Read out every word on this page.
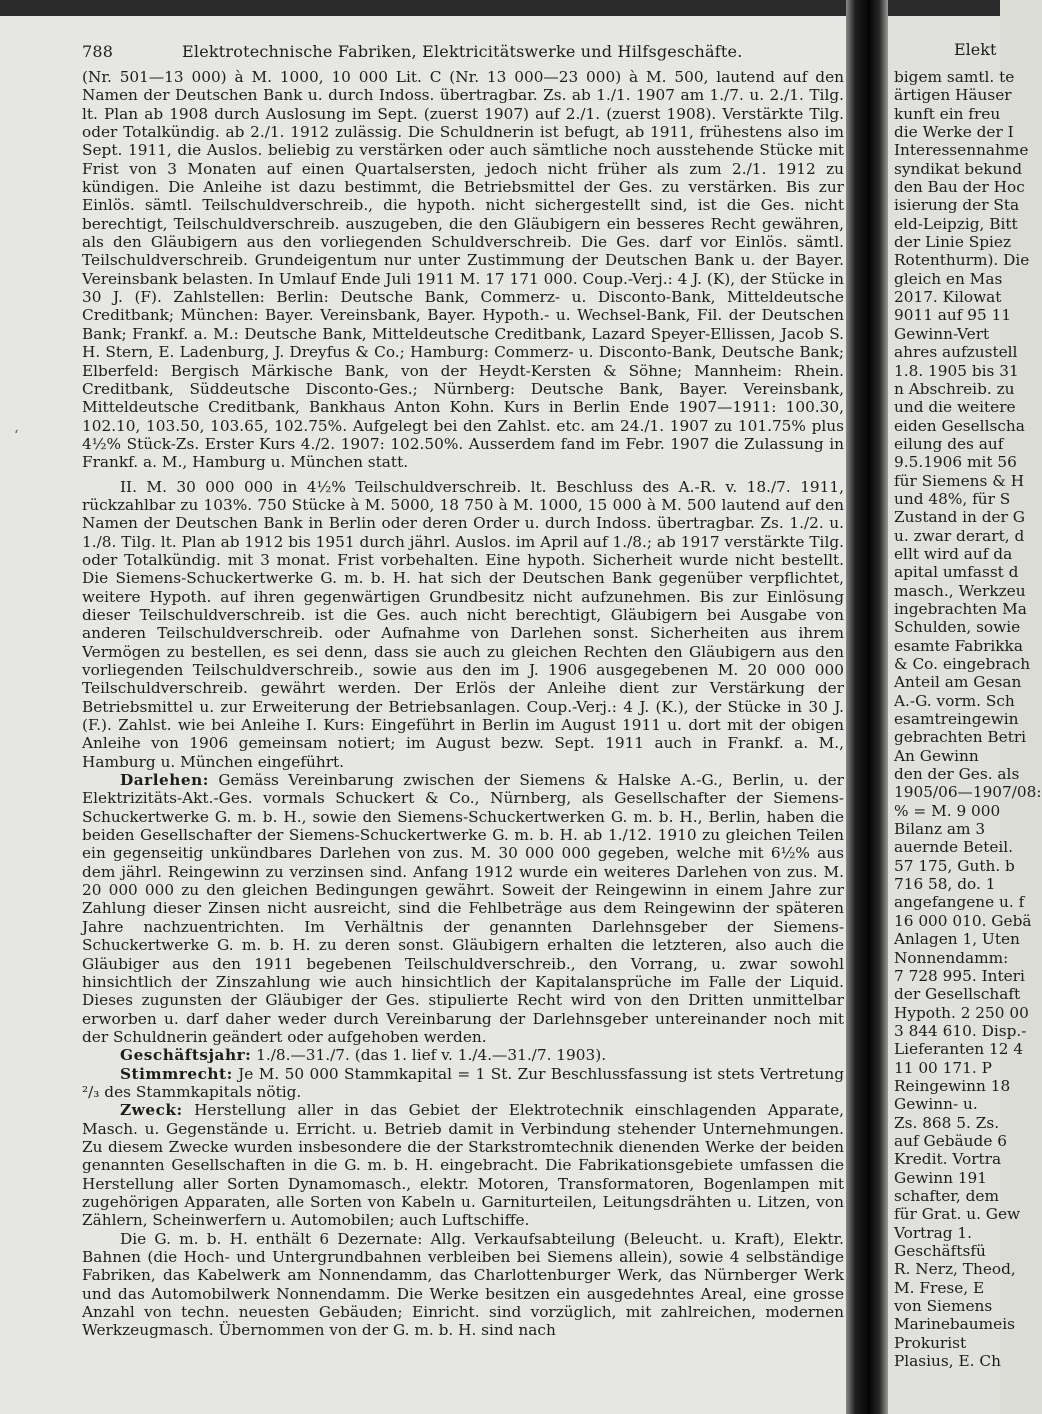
Elekt
bigem samtl. te
ärtigen Häuser
kunft ein freu
die Werke der I
Interessennahme
syndikat bekund
den Bau der Hoc
isierung der Sta
eld-Leipzig, Bitt
der Linie Spiez
Rotenthurm). Die
gleich en Mas
2017. Kilowat
9011 auf 95 11
Gewinn-Vert
ahres aufzustell
1.8. 1905 bis 31
n Abschreib. zu
und die weitere
eiden Gesellscha
eilung des auf
9.5.1906 mit 56
für Siemens & H
und 48%, für S
Zustand in der G
u. zwar derart, d
ellt wird auf da
apital umfasst d
masch., Werkzeu
ingebrachten Ma
Schulden, sowie
esamte Fabrikka
& Co. eingebrach
Anteil am Gesan
A.-G. vorm. Sch
esamtreingewin
gebrachten Betri
An Gewinn
den der Ges. als
1905/06—1907/08:
% = M. 9 000
Bilanz am 3
auernde Beteil.
57 175, Guth. b
716 58, do. 1
angefangene u. f
16 000 010. Gebä
Anlagen 1, Uten
Nonnendamm:
7 728 995. Interi
der Gesellschaft
Hypoth. 2 250 00
3 844 610. Disp.-
Lieferanten 12 4
11 00 171. P
Reingewinn 18
Gewinn- u.
Zs. 868 5. Zs.
auf Gebäude 6
Kredit. Vortra
Gewinn 191
schafter, dem
für Grat. u. Gew
Vortrag 1.
Geschäftsfü
R. Nerz, Theod,
M. Frese, E
von Siemens
Marinebaumeis
Prokurist
Plasius, E. Ch
788	Elektrotechnische Fabriken, Elektricitätswerke und Hilfsgeschäfte.
‘

(Nr. 501—13 000) à M. 1000, 10 000 Lit. C (Nr. 13 000—23 000) à M. 500, lautend auf den Namen der Deutschen Bank u. durch Indoss. übertragbar. Zs. ab 1./1. 1907 am 1./7. u. 2./1. Tilg. lt. Plan ab 1908 durch Auslosung im Sept. (zuerst 1907) auf 2./1. (zuerst 1908). Verstärkte Tilg. oder Totalkündig. ab 2./1. 1912 zulässig. Die Schuldnerin ist befugt, ab 1911, frühestens also im Sept. 1911, die Auslos. beliebig zu verstärken oder auch sämtliche noch ausstehende Stücke mit Frist von 3 Monaten auf einen Quartalsersten, jedoch nicht früher als zum 2./1. 1912 zu kündigen. Die Anleihe ist dazu bestimmt, die Betriebsmittel der Ges. zu verstärken. Bis zur Einlös. sämtl. Teilschuldverschreib., die hypoth. nicht sichergestellt sind, ist die Ges. nicht berechtigt, Teilschuldverschreib. auszugeben, die den Gläubigern ein besseres Recht gewähren, als den Gläubigern aus den vorliegenden Schuldverschreib. Die Ges. darf vor Einlös. sämtl. Teilschuldverschreib. Grundeigentum nur unter Zustimmung der Deutschen Bank u. der Bayer. Vereinsbank belasten. In Umlauf Ende Juli 1911 M. 17 171 000. Coup.-Verj.: 4 J. (K), der Stücke in 30 J. (F). Zahlstellen: Berlin: Deutsche Bank, Commerz- u. Disconto-Bank, Mitteldeutsche Creditbank; München: Bayer. Vereinsbank, Bayer. Hypoth.- u. Wechsel-Bank, Fil. der Deutschen Bank; Frankf. a. M.: Deutsche Bank, Mitteldeutsche Creditbank, Lazard Speyer-Ellissen, Jacob S. H. Stern, E. Ladenburg, J. Dreyfus & Co.; Hamburg: Commerz- u. Disconto-Bank, Deutsche Bank; Elberfeld: Bergisch Märkische Bank, von der Heydt-Kersten & Söhne; Mannheim: Rhein. Creditbank, Süddeutsche Disconto-Ges.; Nürnberg: Deutsche Bank, Bayer. Vereinsbank, Mitteldeutsche Creditbank, Bankhaus Anton Kohn. Kurs in Berlin Ende 1907—1911: 100.30, 102.10, 103.50, 103.65, 102.75%. Aufgelegt bei den Zahlst. etc. am 24./1. 1907 zu 101.75% plus 4½% Stück-Zs. Erster Kurs 4./2. 1907: 102.50%. Ausserdem fand im Febr. 1907 die Zulassung in Frankf. a. M., Hamburg u. München statt.

II. M. 30 000 000 in 4½% Teilschuldverschreib. lt. Beschluss des A.-R. v. 18./7. 1911, rückzahlbar zu 103%. 750 Stücke à M. 5000, 18 750 à M. 1000, 15 000 à M. 500 lautend auf den Namen der Deutschen Bank in Berlin oder deren Order u. durch Indoss. übertragbar. Zs. 1./2. u. 1./8. Tilg. lt. Plan ab 1912 bis 1951 durch jährl. Auslos. im April auf 1./8.; ab 1917 verstärkte Tilg. oder Totalkündig. mit 3 monat. Frist vorbehalten. Eine hypoth. Sicherheit wurde nicht bestellt. Die Siemens-Schuckertwerke G. m. b. H. hat sich der Deutschen Bank gegenüber verpflichtet, weitere Hypoth. auf ihren gegenwärtigen Grundbesitz nicht aufzunehmen. Bis zur Einlösung dieser Teilschuldverschreib. ist die Ges. auch nicht berechtigt, Gläubigern bei Ausgabe von anderen Teilschuldverschreib. oder Aufnahme von Darlehen sonst. Sicherheiten aus ihrem Vermögen zu bestellen, es sei denn, dass sie auch zu gleichen Rechten den Gläubigern aus den vorliegenden Teilschuldverschreib., sowie aus den im J. 1906 ausgegebenen M. 20 000 000 Teilschuldverschreib. gewährt werden. Der Erlös der Anleihe dient zur Verstärkung der Betriebsmittel u. zur Erweiterung der Betriebsanlagen. Coup.-Verj.: 4 J. (K.), der Stücke in 30 J. (F.). Zahlst. wie bei Anleihe I. Kurs: Eingeführt in Berlin im August 1911 u. dort mit der obigen Anleihe von 1906 gemeinsam notiert; im August bezw. Sept. 1911 auch in Frankf. a. M., Hamburg u. München eingeführt.

Darlehen: Gemäss Vereinbarung zwischen der Siemens & Halske A.-G., Berlin, u. der Elektrizitäts-Akt.-Ges. vormals Schuckert & Co., Nürnberg, als Gesellschafter der Siemens-Schuckertwerke G. m. b. H., sowie den Siemens-Schuckertwerken G. m. b. H., Berlin, haben die beiden Gesellschafter der Siemens-Schuckertwerke G. m. b. H. ab 1./12. 1910 zu gleichen Teilen ein gegenseitig unkündbares Darlehen von zus. M. 30 000 000 gegeben, welche mit 6½% aus dem jährl. Reingewinn zu verzinsen sind. Anfang 1912 wurde ein weiteres Darlehen von zus. M. 20 000 000 zu den gleichen Bedingungen gewährt. Soweit der Reingewinn in einem Jahre zur Zahlung dieser Zinsen nicht ausreicht, sind die Fehlbeträge aus dem Reingewinn der späteren Jahre nachzuentrichten. Im Verhältnis der genannten Darlehnsgeber der Siemens-Schuckertwerke G. m. b. H. zu deren sonst. Gläubigern erhalten die letzteren, also auch die Gläubiger aus den 1911 begebenen Teilschuldverschreib., den Vorrang, u. zwar sowohl hinsichtlich der Zinszahlung wie auch hinsichtlich der Kapitalansprüche im Falle der Liquid. Dieses zugunsten der Gläubiger der Ges. stipulierte Recht wird von den Dritten unmittelbar erworben u. darf daher weder durch Vereinbarung der Darlehnsgeber untereinander noch mit der Schuldnerin geändert oder aufgehoben werden.

Geschäftsjahr: 1./8.—31./7. (das 1. lief v. 1./4.—31./7. 1903).

Stimmrecht: Je M. 50 000 Stammkapital = 1 St. Zur Beschlussfassung ist stets Vertretung ²/₃ des Stammkapitals nötig.

Zweck: Herstellung aller in das Gebiet der Elektrotechnik einschlagenden Apparate, Masch. u. Gegenstände u. Erricht. u. Betrieb damit in Verbindung stehender Unternehmungen. Zu diesem Zwecke wurden insbesondere die der Starkstromtechnik dienenden Werke der beiden genannten Gesellschaften in die G. m. b. H. eingebracht. Die Fabrikationsgebiete umfassen die Herstellung aller Sorten Dynamomasch., elektr. Motoren, Transformatoren, Bogenlampen mit zugehörigen Apparaten, alle Sorten von Kabeln u. Garniturteilen, Leitungsdrähten u. Litzen, von Zählern, Scheinwerfern u. Automobilen; auch Luftschiffe.

Die G. m. b. H. enthält 6 Dezernate: Allg. Verkaufsabteilung (Beleucht. u. Kraft), Elektr. Bahnen (die Hoch- und Untergrundbahnen verbleiben bei Siemens allein), sowie 4 selbständige Fabriken, das Kabelwerk am Nonnendamm, das Charlottenburger Werk, das Nürnberger Werk und das Automobilwerk Nonnendamm. Die Werke besitzen ein ausgedehntes Areal, eine grosse Anzahl von techn. neuesten Gebäuden; Einricht. sind vorzüglich, mit zahlreichen, modernen Werkzeugmasch. Übernommen von der G. m. b. H. sind nach
